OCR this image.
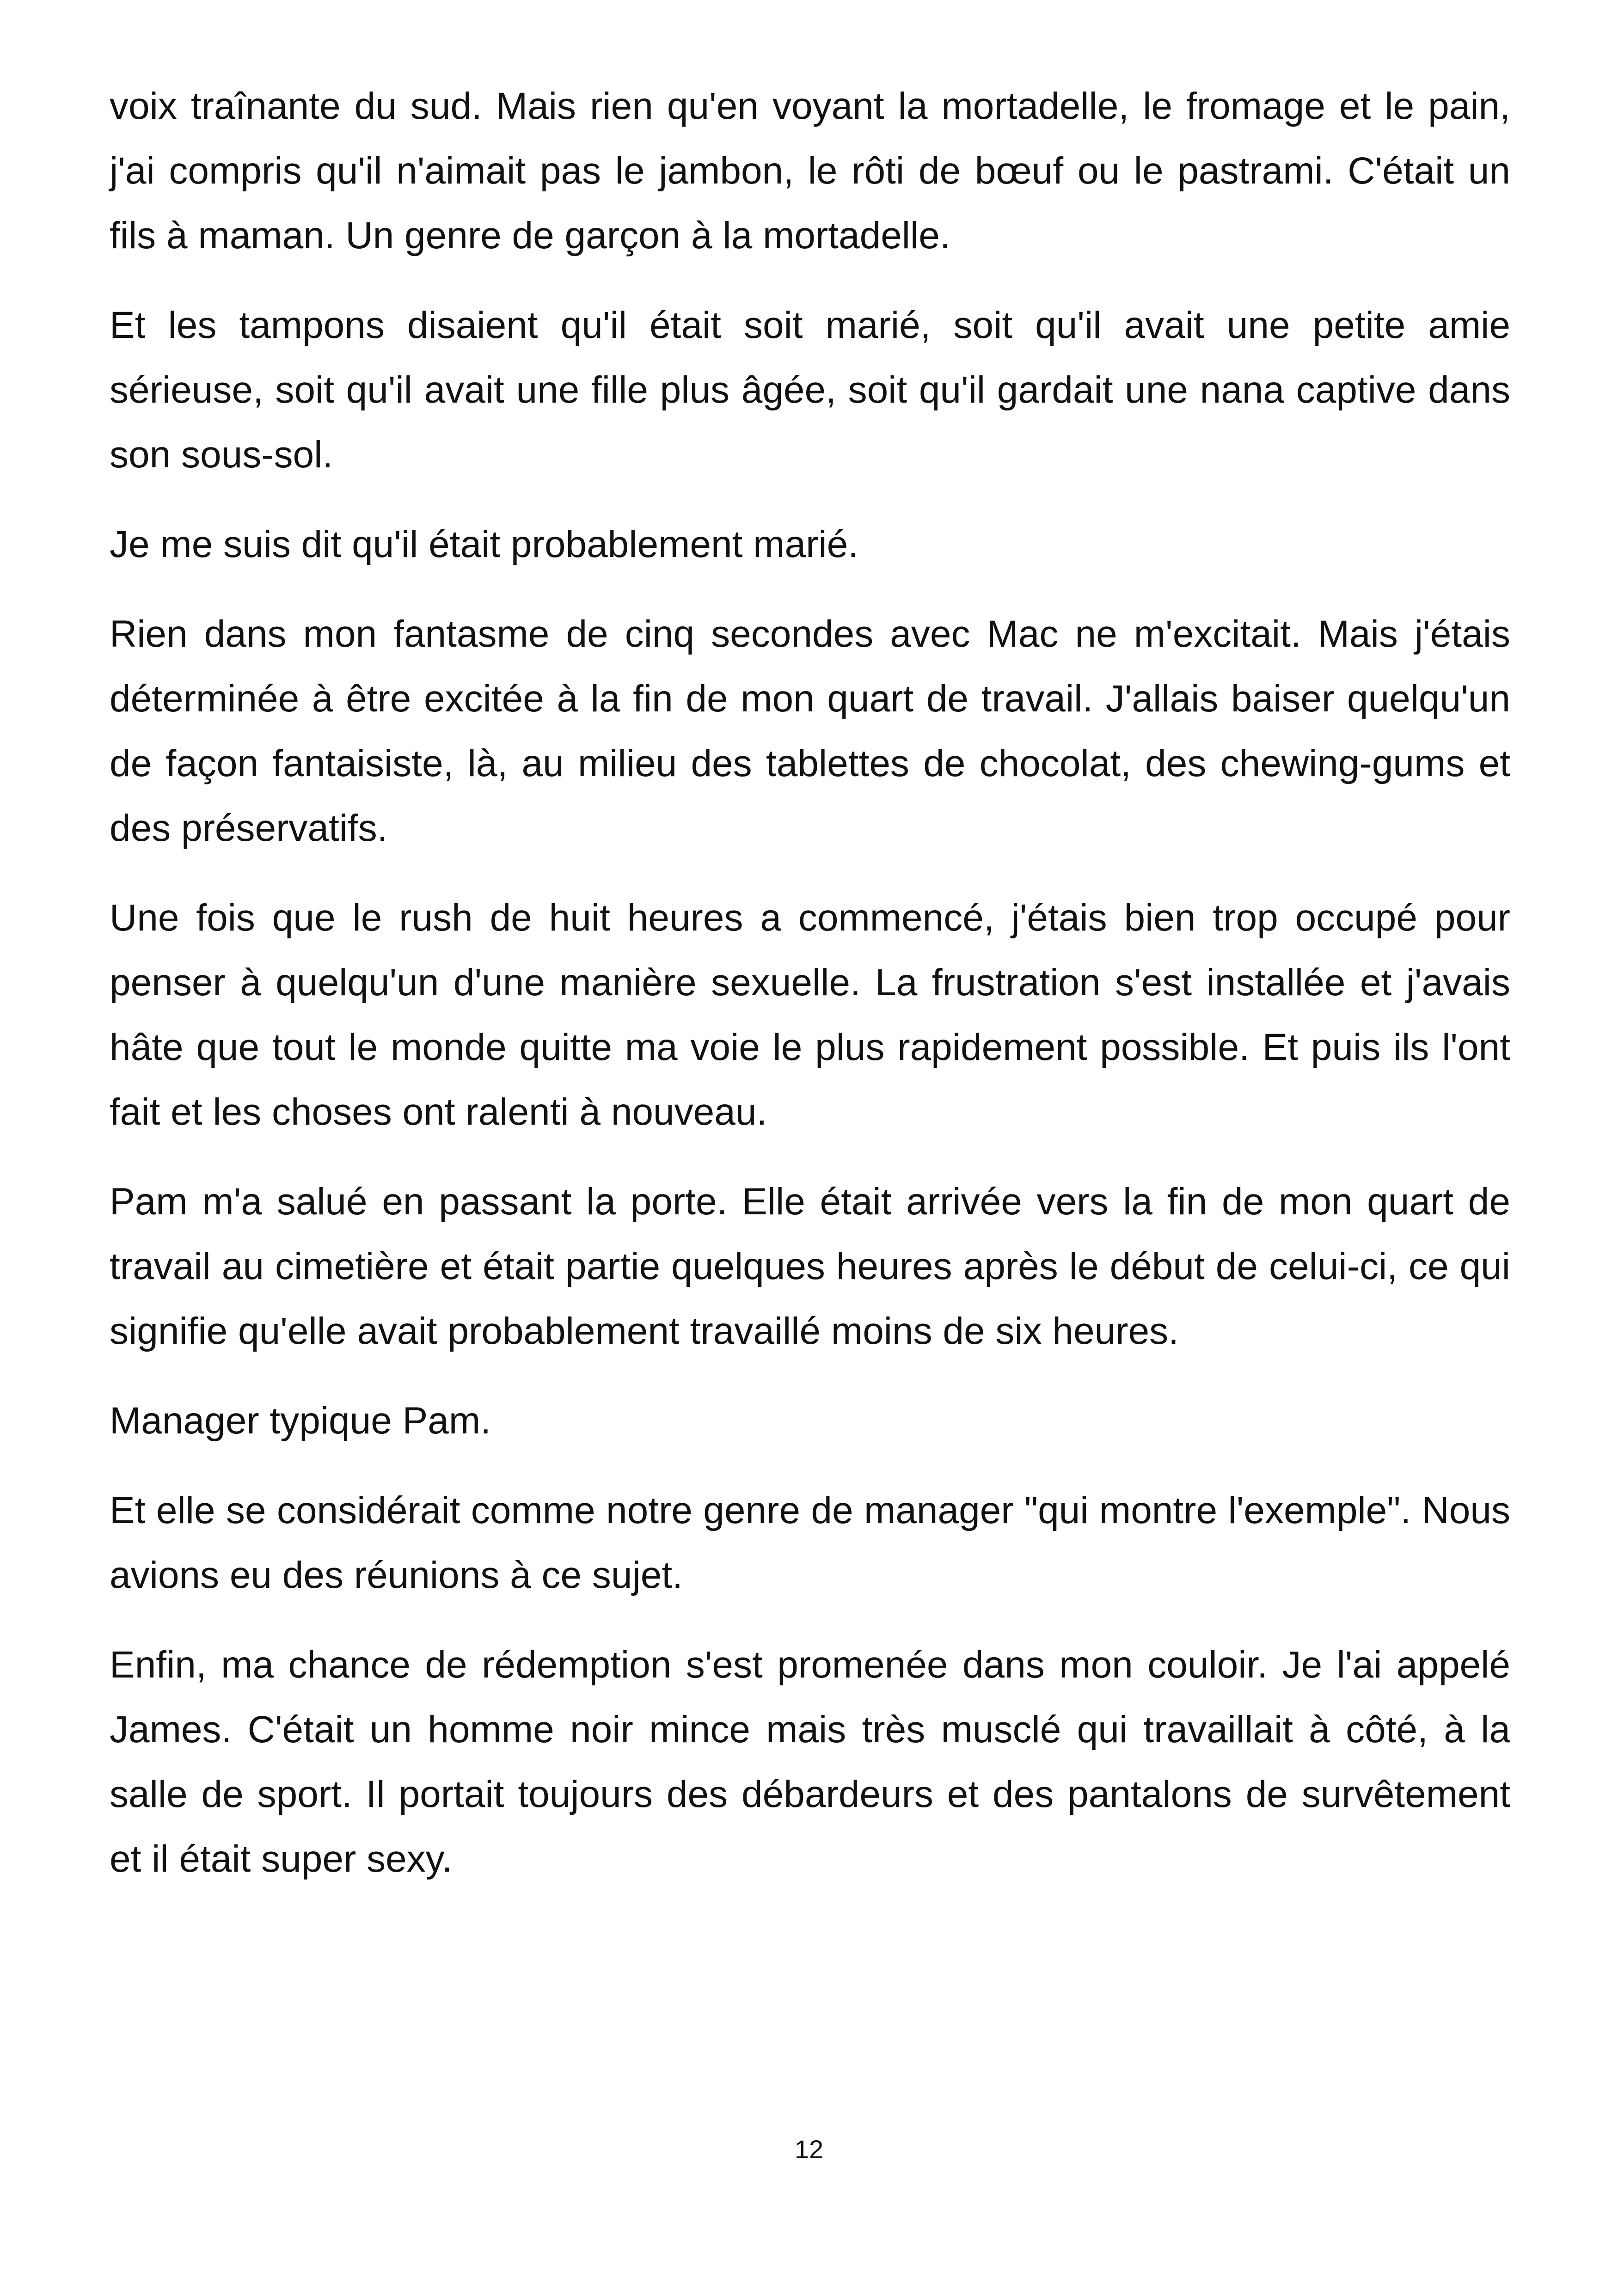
voix traînante du sud. Mais rien qu'en voyant la mortadelle, le fromage et le pain, j'ai compris qu'il n'aimait pas le jambon, le rôti de bœuf ou le pastrami. C'était un fils à maman. Un genre de garçon à la mortadelle.

Et les tampons disaient qu'il était soit marié, soit qu'il avait une petite amie sérieuse, soit qu'il avait une fille plus âgée, soit qu'il gardait une nana captive dans son sous-sol.

Je me suis dit qu'il était probablement marié.

Rien dans mon fantasme de cinq secondes avec Mac ne m'excitait. Mais j'étais déterminée à être excitée à la fin de mon quart de travail. J'allais baiser quelqu'un de façon fantaisiste, là, au milieu des tablettes de chocolat, des chewing-gums et des préservatifs.

Une fois que le rush de huit heures a commencé, j'étais bien trop occupé pour penser à quelqu'un d'une manière sexuelle. La frustration s'est installée et j'avais hâte que tout le monde quitte ma voie le plus rapidement possible. Et puis ils l'ont fait et les choses ont ralenti à nouveau.

Pam m'a salué en passant la porte. Elle était arrivée vers la fin de mon quart de travail au cimetière et était partie quelques heures après le début de celui-ci, ce qui signifie qu'elle avait probablement travaillé moins de six heures.

Manager typique Pam.

Et elle se considérait comme notre genre de manager "qui montre l'exemple". Nous avions eu des réunions à ce sujet.

Enfin, ma chance de rédemption s'est promenée dans mon couloir. Je l'ai appelé James. C'était un homme noir mince mais très musclé qui travaillait à côté, à la salle de sport. Il portait toujours des débardeurs et des pantalons de survêtement et il était super sexy.

12
